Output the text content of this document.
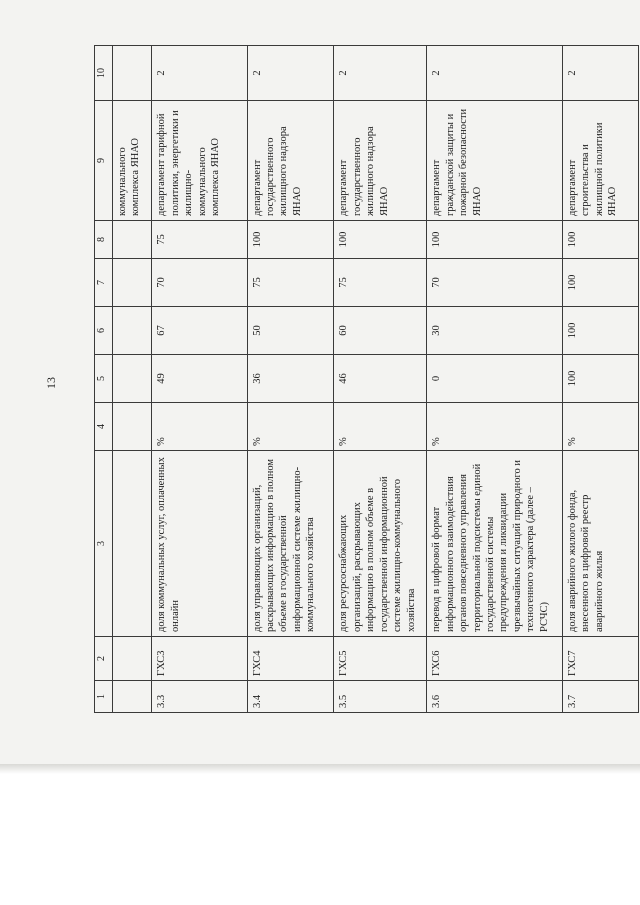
13
1	2	3	4	5	6	7	8	9	10
								коммунального комплекса ЯНАО	
3.3	ГХС3	доля коммунальных услуг, оплаченных онлайн	%	49	67	70	75	департамент тарифной политики, энергетики и жилищно-коммунального комплекса ЯНАО	2
3.4	ГХС4	доля управляющих организаций, раскрывающих информацию в полном объеме в государственной информационной системе жилищно-коммунального хозяйства	%	36	50	75	100	департамент государственного жилищного надзора ЯНАО	2
3.5	ГХС5	доля ресурсоснабжающих организаций, раскрывающих информацию в полном объеме в государственной информационной системе жилищно-коммунального хозяйства	%	46	60	75	100	департамент государственного жилищного надзора ЯНАО	2
3.6	ГХС6	перевод в цифровой формат информационного взаимодействия органов повседневного управления территориальной подсистемы единой государственной системы предупреждения и ликвидации чрезвычайных ситуаций природного и техногенного характера (далее – РСЧС)	%	0	30	70	100	департамент гражданской защиты и пожарной безопасности ЯНАО	2
3.7	ГХС7	доля аварийного жилого фонда, внесенного в цифровой реестр аварийного жилья	%	100	100	100	100	департамент строительства и жилищной политики ЯНАО	2
